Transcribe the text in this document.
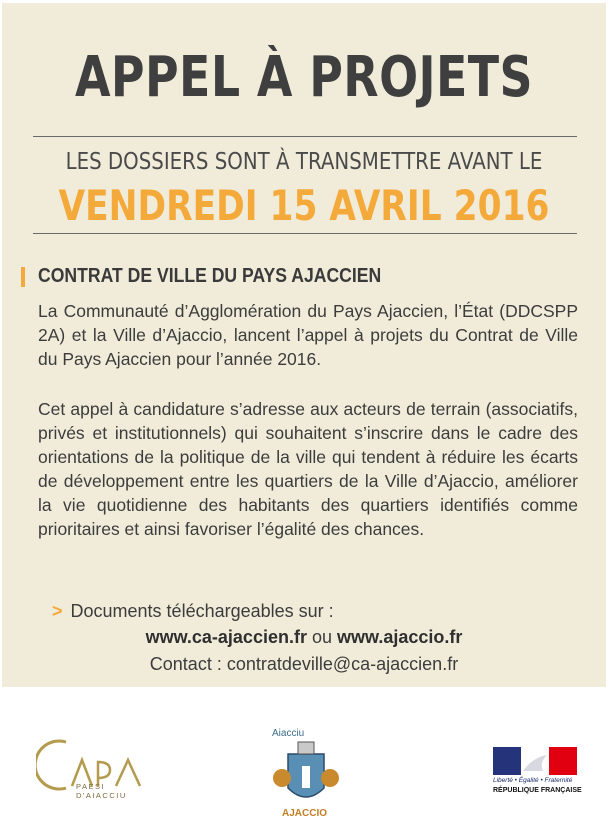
APPEL À PROJETS
LES DOSSIERS SONT À TRANSMETTRE AVANT LE
VENDREDI 15 AVRIL 2016
CONTRAT DE VILLE DU PAYS AJACCIEN

La Communauté d’Agglomération du Pays Ajaccien, l’État (DDCSPP 2A) et la Ville d’Ajaccio, lancent l’appel à projets du Contrat de Ville du Pays Ajaccien pour l’année 2016.

Cet appel à candidature s’adresse aux acteurs de terrain (associatifs, privés et institutionnels) qui souhaitent s’inscrire dans le cadre des orientations de la politique de la ville qui tendent à réduire les écarts de développement entre les quartiers de la Ville d’Ajaccio, améliorer la vie quotidienne des habitants des quartiers identifiés comme prioritaires et ainsi favoriser l’égalité des chances.

> Documents téléchargeables sur :
www.ca-ajaccien.fr ou www.ajaccio.fr
Contact : contratdeville@ca-ajaccien.fr
PAESI D'AIACCIU
Aiacciu
AJACCIO
Liberté • Égalité • Fraternité
RÉPUBLIQUE FRANÇAISE
